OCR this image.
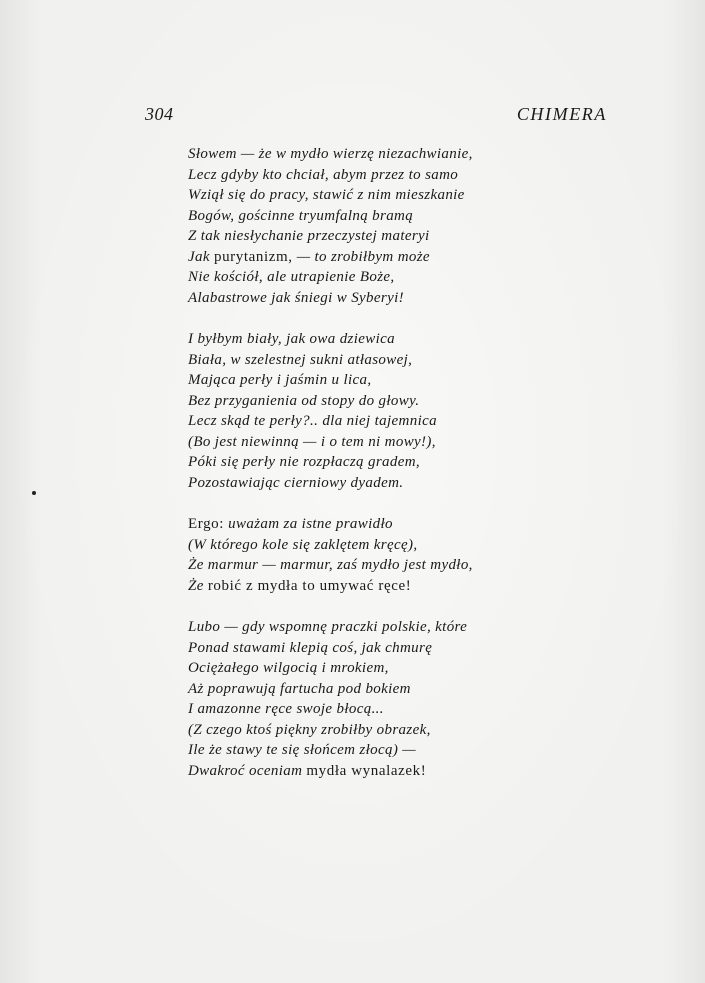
304	CHIMERA
Słowem — że w mydło wierzę niezachwianie,
Lecz gdyby kto chciał, abym przez to samo
Wziął się do pracy, stawić z nim mieszkanie
Bogów, gościnne tryumfalną bramą
Z tak niesłychanie przeczystej materyi
Jak purytanizm, — to zrobiłbym może
Nie kościół, ale utrapienie Boże,
Alabastrowe jak śniegi w Syberyi!
I byłbym biały, jak owa dziewica
Biała, w szelestnej sukni atłasowej,
Mająca perły i jaśmin u lica,
Bez przyganienia od stopy do głowy.
Lecz skąd te perły?.. dla niej tajemnica
(Bo jest niewinną — i o tem ni mowy!),
Póki się perły nie rozpłaczą gradem,
Pozostawiając cierniowy dyadem.
Ergo: uważam za istne prawidło
(W którego kole się zaklętem kręcę),
Że marmur — marmur, zaś mydło jest mydło,
Że robić z mydła to umywać ręce!
Lubo — gdy wspomnę praczki polskie, które
Ponad stawami klepią coś, jak chmurę
Ociężałego wilgocią i mrokiem,
Aż poprawują fartucha pod bokiem
I amazonne ręce swoje błocą...
(Z czego ktoś piękny zrobiłby obrazek,
Ile że stawy te się słońcem złocą) —
Dwakroć oceniam mydła wynalazek!
